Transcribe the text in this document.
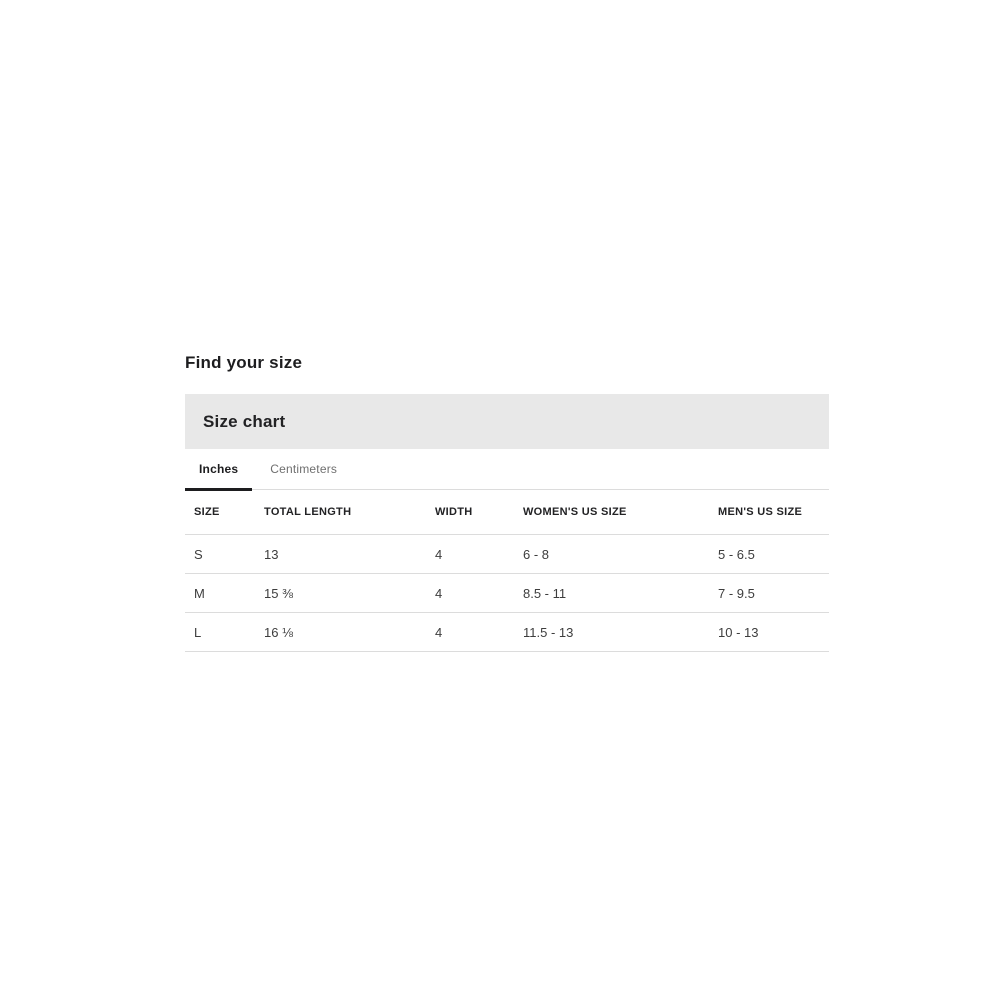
Find your size
Size chart
Inches	Centimeters
SIZE	TOTAL LENGTH	WIDTH	WOMEN'S US SIZE	MEN'S US SIZE
S	13	4	6 - 8	5 - 6.5
M	15 ⅜	4	8.5 - 11	7 - 9.5
L	16 ⅛	4	11.5 - 13	10 - 13
